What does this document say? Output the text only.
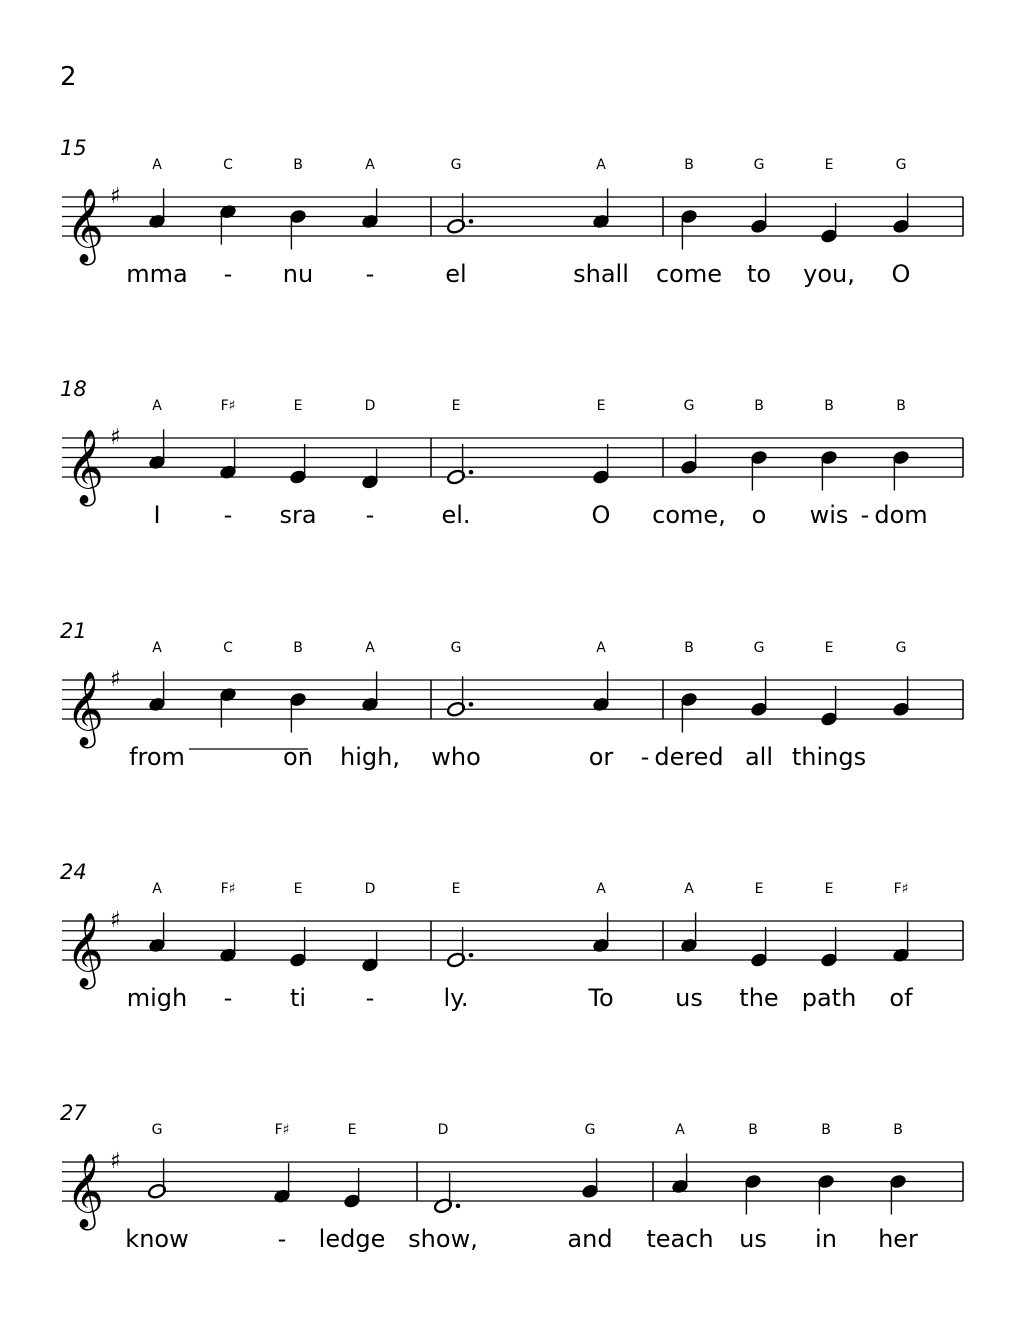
2
15
𝄞 ♯
A
mma
C
-
B
nu
A
-
G
el
A
shall
B
come
G
to
E
you,
G
O
18
𝄞 ♯
A
I
F♯
-
E
sra
D
-
E
el.
E
O
G
come,
B
o
B
wis
B
dom
-
21
𝄞 ♯
A
from
C	B
on
A
high,
G
who
A
or
B
dered
G
all
E
things
G
-
24
𝄞 ♯
A
migh
F♯
-
E
ti
D
-
E
ly.
A
To
A
us
E
the
E
path
F♯
of
27
𝄞 ♯
G
know
F♯
-
E
ledge
D
show,
G
and
A
teach
B
us
B
in
B
her
